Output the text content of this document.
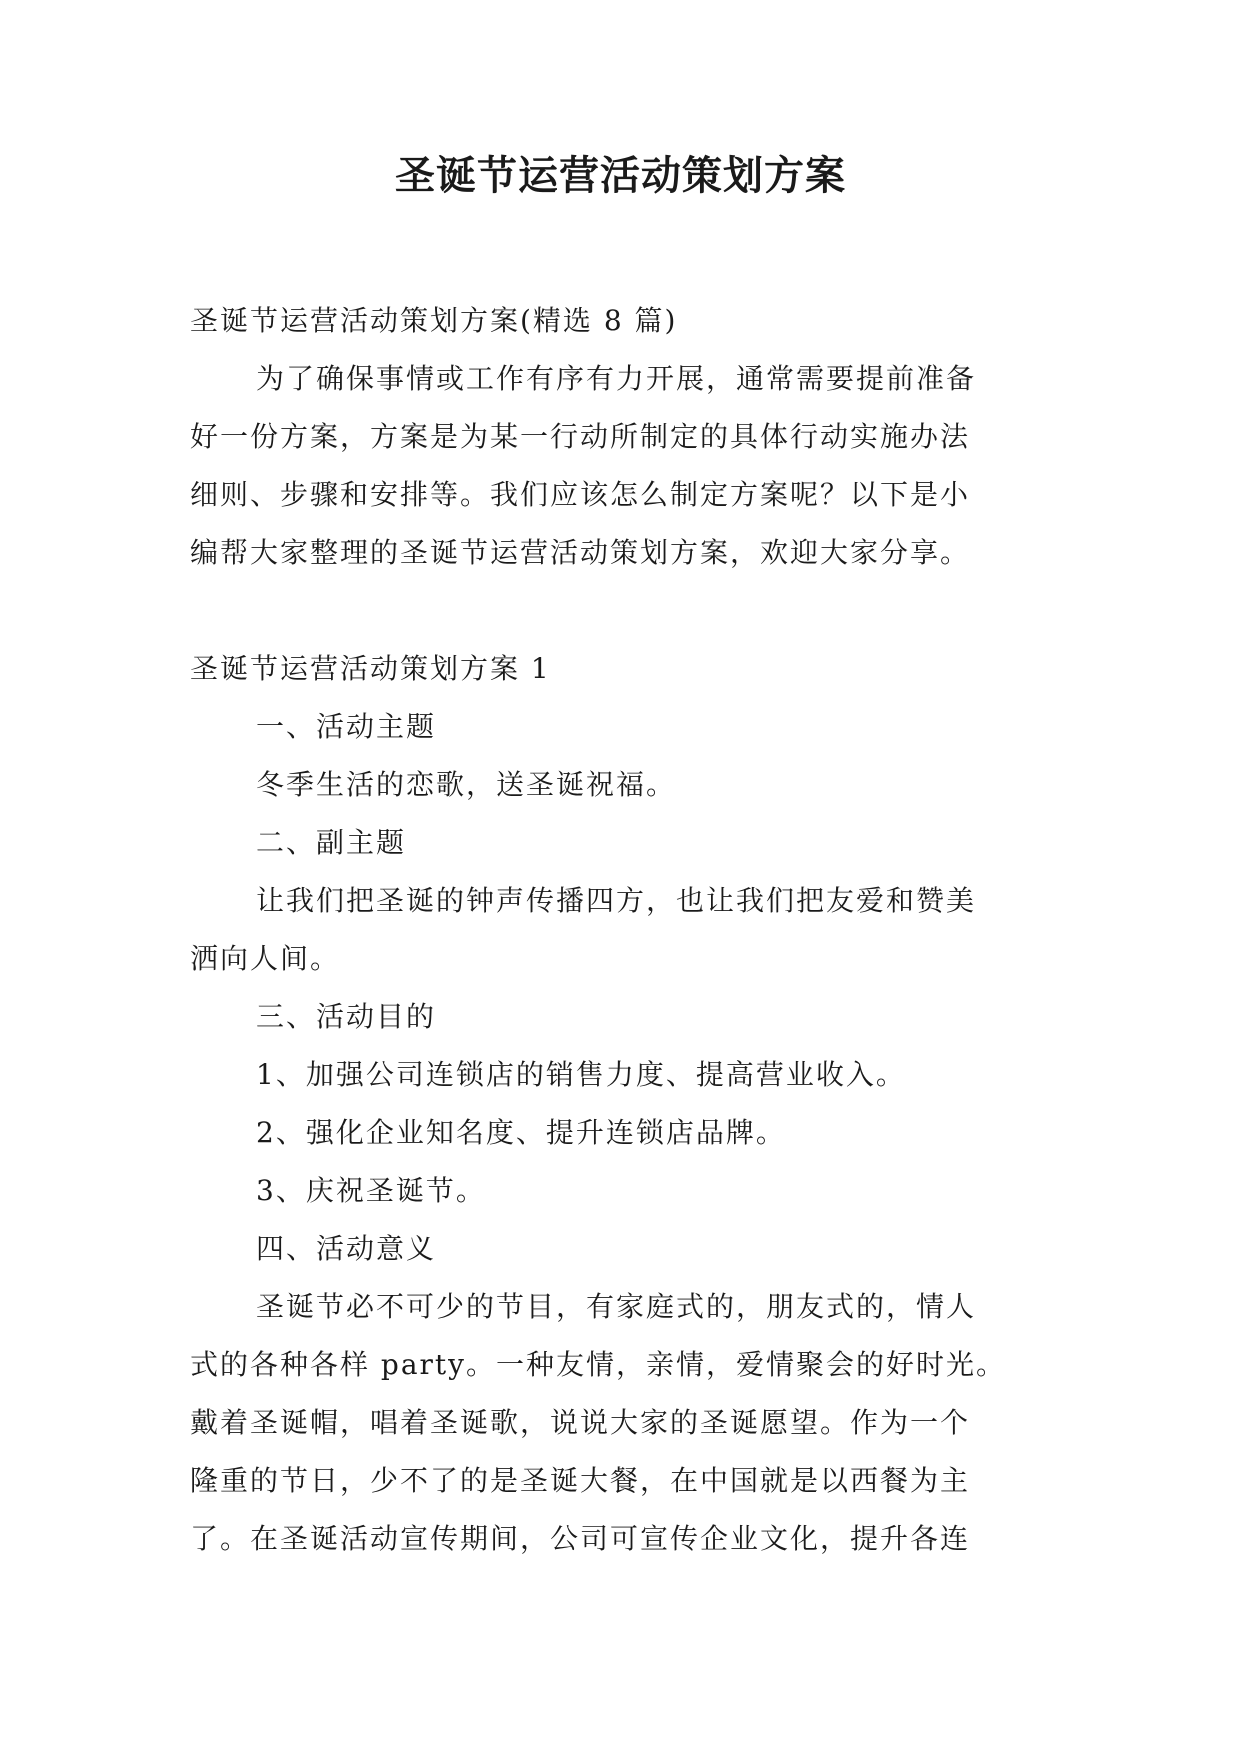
圣诞节运营活动策划方案

圣诞节运营活动策划方案(精选 8 篇)

为了确保事情或工作有序有力开展，通常需要提前准备

好一份方案，方案是为某一行动所制定的具体行动实施办法

细则、步骤和安排等。我们应该怎么制定方案呢？以下是小

编帮大家整理的圣诞节运营活动策划方案，欢迎大家分享。

圣诞节运营活动策划方案 1

一、活动主题

冬季生活的恋歌，送圣诞祝福。

二、副主题

让我们把圣诞的钟声传播四方，也让我们把友爱和赞美

洒向人间。

三、活动目的

1、加强公司连锁店的销售力度、提高营业收入。

2、强化企业知名度、提升连锁店品牌。

3、庆祝圣诞节。

四、活动意义

圣诞节必不可少的节目，有家庭式的，朋友式的，情人

式的各种各样 party。一种友情，亲情，爱情聚会的好时光。

戴着圣诞帽，唱着圣诞歌，说说大家的圣诞愿望。作为一个

隆重的节日，少不了的是圣诞大餐，在中国就是以西餐为主

了。在圣诞活动宣传期间，公司可宣传企业文化，提升各连
